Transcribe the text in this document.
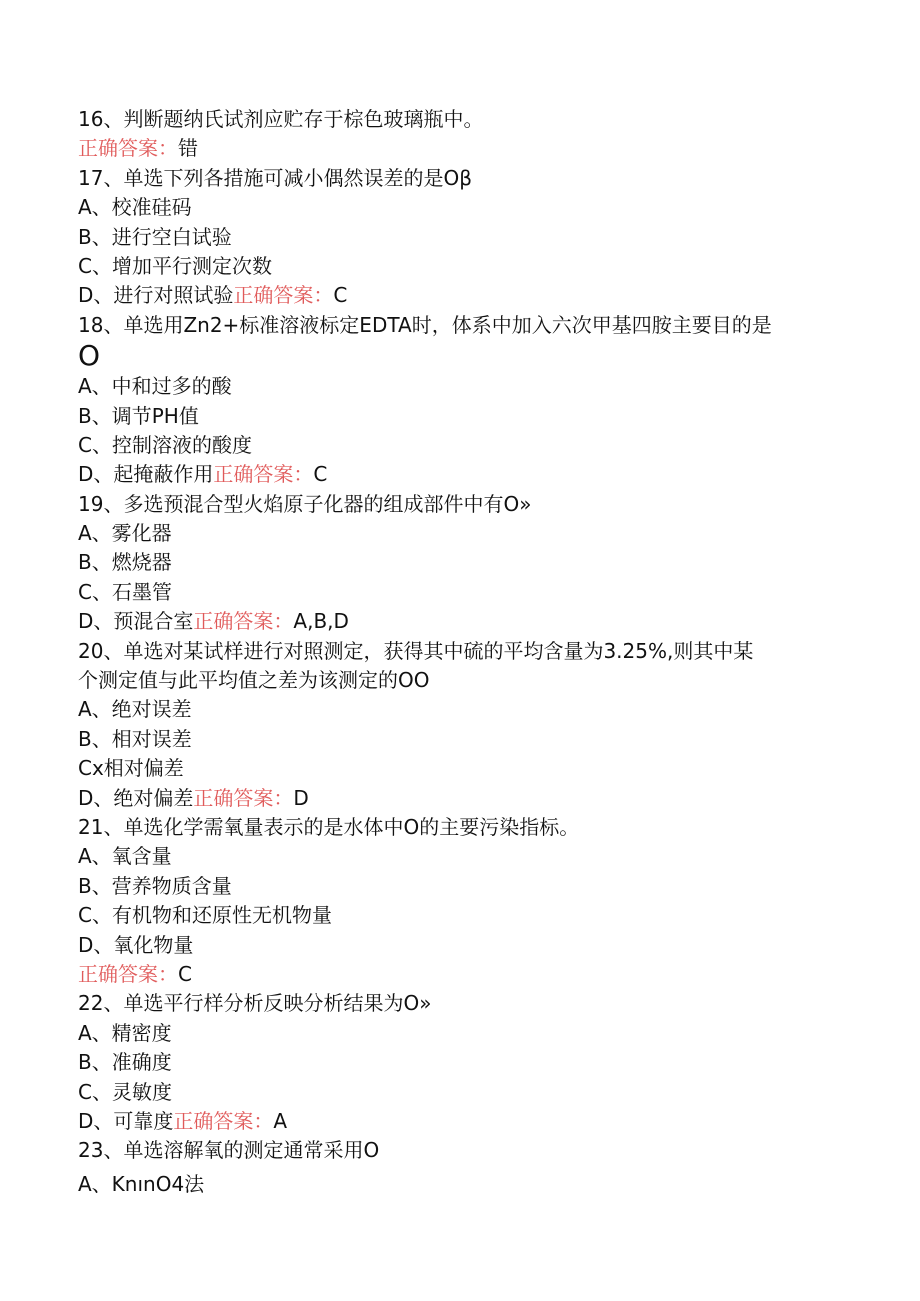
16、判断题纳氏试剂应贮存于棕色玻璃瓶中。
正确答案：错
17、单选下列各措施可减小偶然误差的是Oβ
A、校准硅码
B、进行空白试验
C、增加平行测定次数
D、进行对照试验正确答案：C
18、单选用Zn2+标准溶液标定EDTA时，体系中加入六次甲基四胺主要目的是
O
A、中和过多的酸
B、调节PH值
C、控制溶液的酸度
D、起掩蔽作用正确答案：C
19、多选预混合型火焰原子化器的组成部件中有O»
A、雾化器
B、燃烧器
C、石墨管
D、预混合室正确答案：A,B,D
20、单选对某试样进行对照测定，获得其中硫的平均含量为3.25%,则其中某
个测定值与此平均值之差为该测定的OO
A、绝对误差
B、相对误差
Cx相对偏差
D、绝对偏差正确答案：D
21、单选化学需氧量表示的是水体中O的主要污染指标。
A、氧含量
B、营养物质含量
C、有机物和还原性无机物量
D、氧化物量
正确答案：C
22、单选平行样分析反映分析结果为O»
A、精密度
B、准确度
C、灵敏度
D、可靠度正确答案：A
23、单选溶解氧的测定通常采用O
A、KnınO4法
